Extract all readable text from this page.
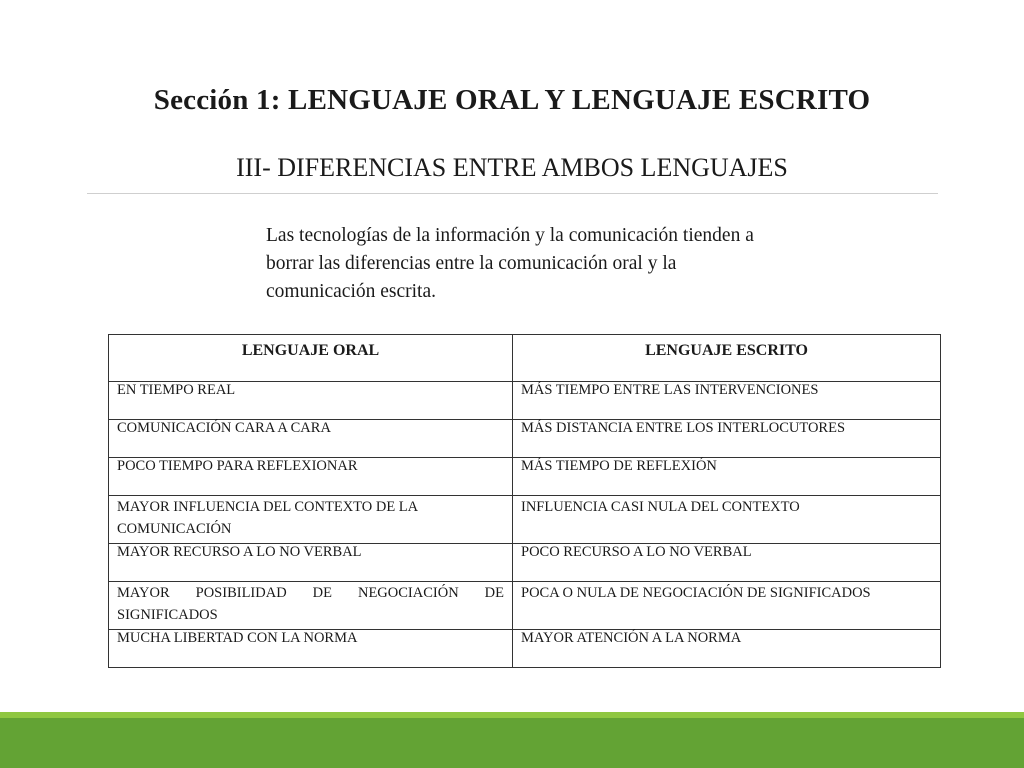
Sección 1: LENGUAJE ORAL Y LENGUAJE ESCRITO
III- DIFERENCIAS ENTRE AMBOS LENGUAJES
Las tecnologías de la información y la comunicación tienden a borrar las diferencias entre la comunicación oral y la comunicación escrita.
LENGUAJE ORAL	LENGUAJE ESCRITO
EN TIEMPO REAL	MÁS TIEMPO ENTRE LAS INTERVENCIONES
COMUNICACIÓN CARA A CARA	MÁS DISTANCIA ENTRE LOS INTERLOCUTORES
POCO TIEMPO PARA REFLEXIONAR	MÁS TIEMPO DE REFLEXIÓN
MAYOR INFLUENCIA DEL CONTEXTO DE LA COMUNICACIÓN	INFLUENCIA CASI NULA DEL CONTEXTO
MAYOR RECURSO A LO NO VERBAL	POCO RECURSO A LO NO VERBAL
MAYOR POSIBILIDAD DE NEGOCIACIÓN DE SIGNIFICADOS	POCA O NULA DE NEGOCIACIÓN DE SIGNIFICADOS
MUCHA LIBERTAD CON LA NORMA	MAYOR ATENCIÓN A LA NORMA
